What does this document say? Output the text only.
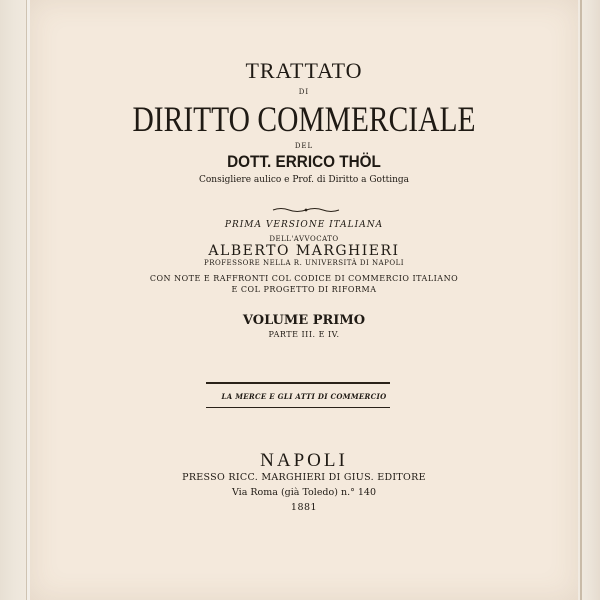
TRATTATO
DI
DIRITTO COMMERCIALE
DEL
DOTT. ERRICO THÖL
Consigliere aulico e Prof. di Diritto a Gottinga
PRIMA VERSIONE ITALIANA
DELL'AVVOCATO
ALBERTO MARGHIERI
PROFESSORE NELLA R. UNIVERSITÀ DI NAPOLI
CON NOTE E RAFFRONTI COL CODICE DI COMMERCIO ITALIANO
E COL PROGETTO DI RIFORMA
VOLUME PRIMO
PARTE III. E IV.
LA MERCE E GLI ATTI DI COMMERCIO
NAPOLI
PRESSO RICC. MARGHIERI DI GIUS. EDITORE
Via Roma (già Toledo) n.° 140
1881
